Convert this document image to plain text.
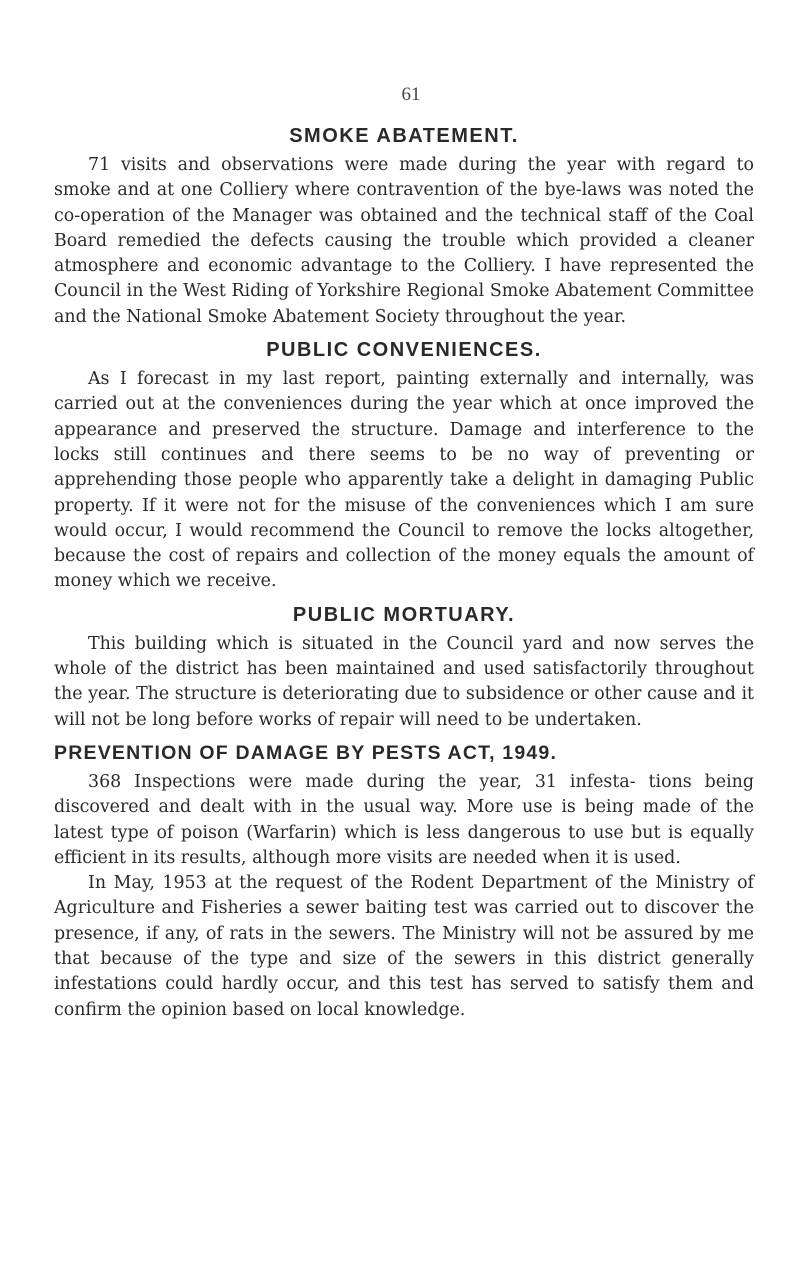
61
SMOKE ABATEMENT.

71 visits and observations were made during the year with regard to smoke and at one Colliery where contravention of the bye-laws was noted the co-operation of the Manager was obtained and the technical staff of the Coal Board remedied the defects causing the trouble which provided a cleaner atmosphere and economic advantage to the Colliery. I have represented the Council in the West Riding of Yorkshire Regional Smoke Abatement Committee and the National Smoke Abatement Society throughout the year.

PUBLIC CONVENIENCES.

As I forecast in my last report, painting externally and internally, was carried out at the conveniences during the year which at once improved the appearance and preserved the structure. Damage and interference to the locks still continues and there seems to be no way of preventing or apprehending those people who apparently take a delight in damaging Public property. If it were not for the misuse of the conveniences which I am sure would occur, I would recommend the Council to remove the locks altogether, because the cost of repairs and collection of the money equals the amount of money which we receive.

PUBLIC MORTUARY.

This building which is situated in the Council yard and now serves the whole of the district has been maintained and used satisfactorily throughout the year. The structure is deteriorating due to subsidence or other cause and it will not be long before works of repair will need to be undertaken.

PREVENTION OF DAMAGE BY PESTS ACT, 1949.

368 Inspections were made during the year, 31 infesta- tions being discovered and dealt with in the usual way. More use is being made of the latest type of poison (Warfarin) which is less dangerous to use but is equally efficient in its results, although more visits are needed when it is used.

In May, 1953 at the request of the Rodent Department of the Ministry of Agriculture and Fisheries a sewer baiting test was carried out to discover the presence, if any, of rats in the sewers. The Ministry will not be assured by me that because of the type and size of the sewers in this district generally infestations could hardly occur, and this test has served to satisfy them and confirm the opinion based on local knowledge.
